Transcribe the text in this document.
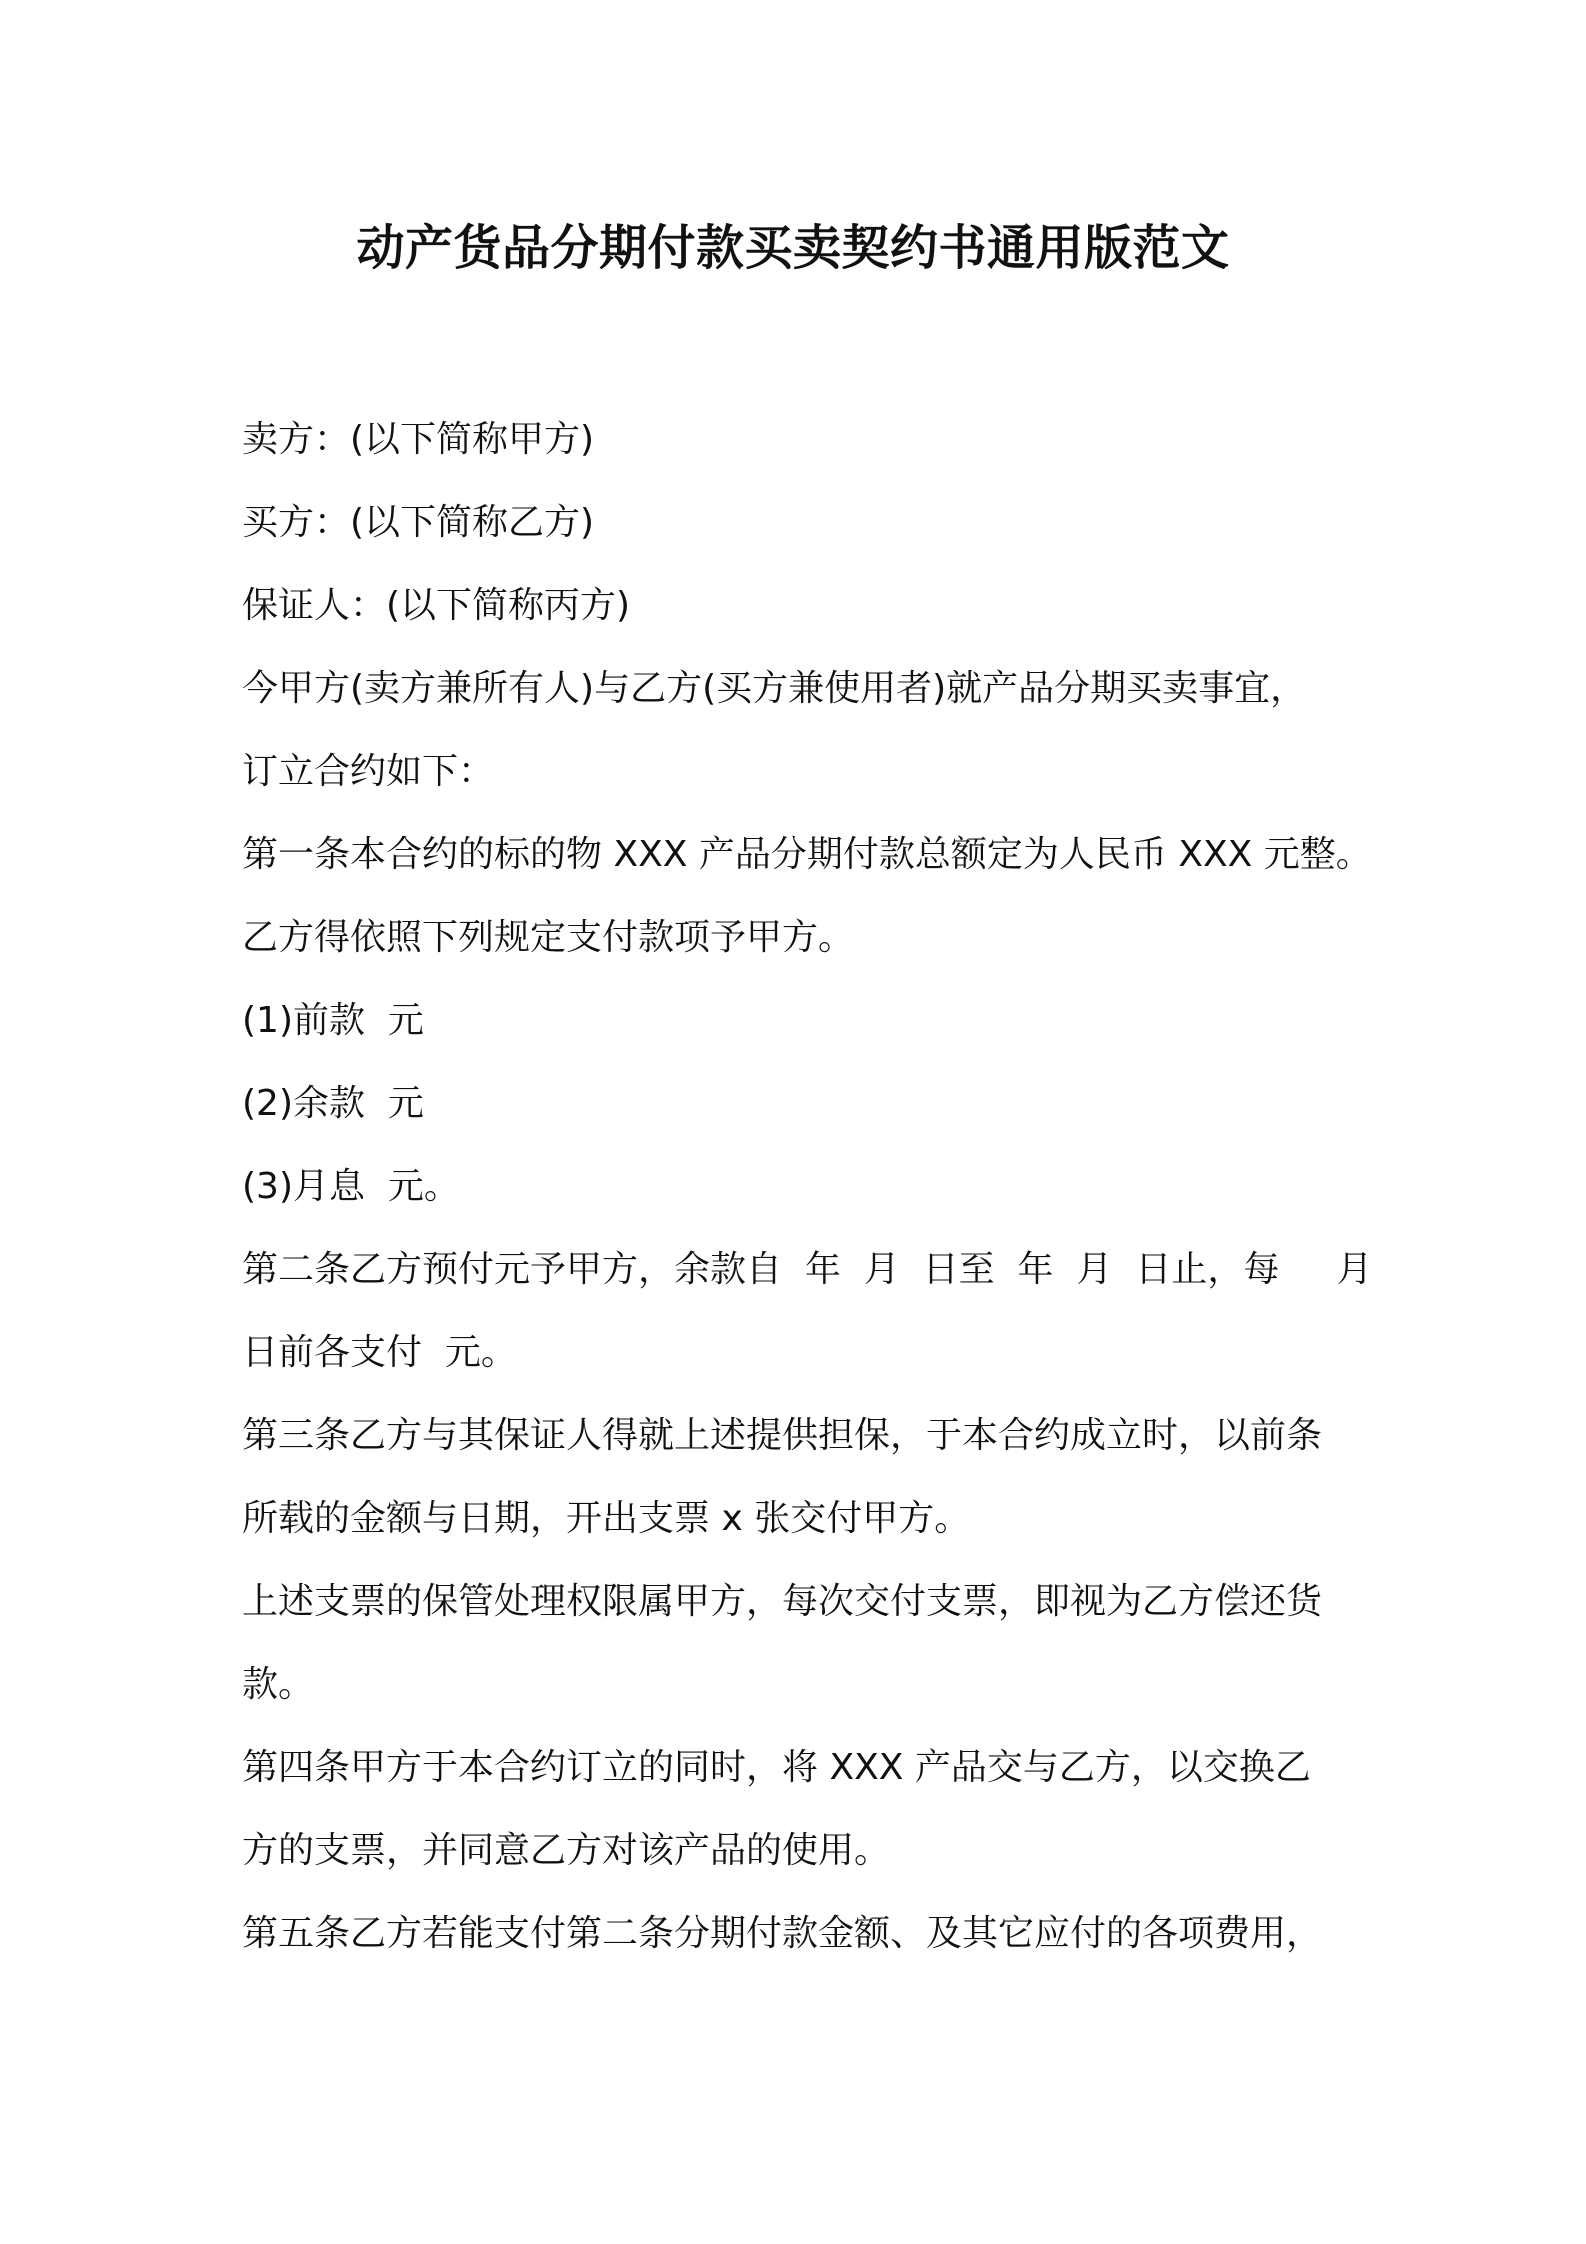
动产货品分期付款买卖契约书通用版范文
卖方：(以下简称甲方)
买方：(以下简称乙方)
保证人：(以下简称丙方)
今甲方(卖方兼所有人)与乙方(买方兼使用者)就产品分期买卖事宜，
订立合约如下：
第一条本合约的标的物 XXX 产品分期付款总额定为人民币 XXX 元整。
乙方得依照下列规定支付款项予甲方。
(1)前款  元
(2)余款  元
(3)月息  元。
第二条乙方预付元予甲方，余款自  年  月  日至  年  月  日止，每     月
日前各支付  元。
第三条乙方与其保证人得就上述提供担保，于本合约成立时，以前条
所载的金额与日期，开出支票 x 张交付甲方。
上述支票的保管处理权限属甲方，每次交付支票，即视为乙方偿还货
款。
第四条甲方于本合约订立的同时，将 XXX 产品交与乙方，以交换乙
方的支票，并同意乙方对该产品的使用。
第五条乙方若能支付第二条分期付款金额、及其它应付的各项费用，
